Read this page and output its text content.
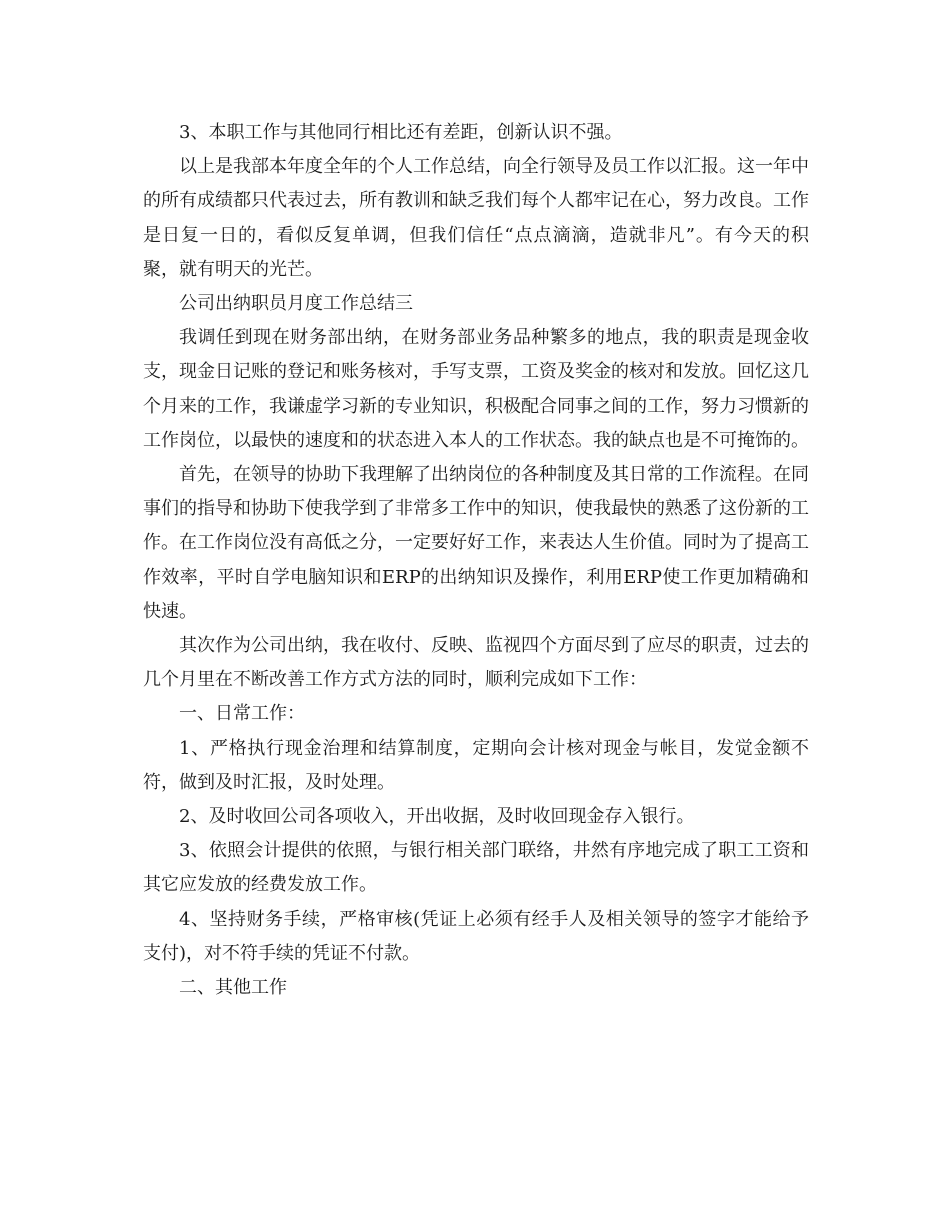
3、本职工作与其他同行相比还有差距，创新认识不强。

以上是我部本年度全年的个人工作总结，向全行领导及员工作以汇报。这一年中的所有成绩都只代表过去，所有教训和缺乏我们每个人都牢记在心，努力改良。工作是日复一日的，看似反复单调，但我们信任“点点滴滴，造就非凡”。有今天的积聚，就有明天的光芒。

公司出纳职员月度工作总结三

我调任到现在财务部出纳，在财务部业务品种繁多的地点，我的职责是现金收支，现金日记账的登记和账务核对，手写支票，工资及奖金的核对和发放。回忆这几个月来的工作，我谦虚学习新的专业知识，积极配合同事之间的工作，努力习惯新的工作岗位，以最快的速度和的状态进入本人的工作状态。我的缺点也是不可掩饰的。

首先，在领导的协助下我理解了出纳岗位的各种制度及其日常的工作流程。在同事们的指导和协助下使我学到了非常多工作中的知识，使我最快的熟悉了这份新的工作。在工作岗位没有高低之分，一定要好好工作，来表达人生价值。同时为了提高工作效率，平时自学电脑知识和ERP的出纳知识及操作，利用ERP使工作更加精确和快速。

其次作为公司出纳，我在收付、反映、监视四个方面尽到了应尽的职责，过去的几个月里在不断改善工作方式方法的同时，顺利完成如下工作：

一、日常工作：

1、严格执行现金治理和结算制度，定期向会计核对现金与帐目，发觉金额不符，做到及时汇报，及时处理。

2、及时收回公司各项收入，开出收据，及时收回现金存入银行。

3、依照会计提供的依照，与银行相关部门联络，井然有序地完成了职工工资和其它应发放的经费发放工作。

4、坚持财务手续，严格审核(凭证上必须有经手人及相关领导的签字才能给予支付)，对不符手续的凭证不付款。

二、其他工作
